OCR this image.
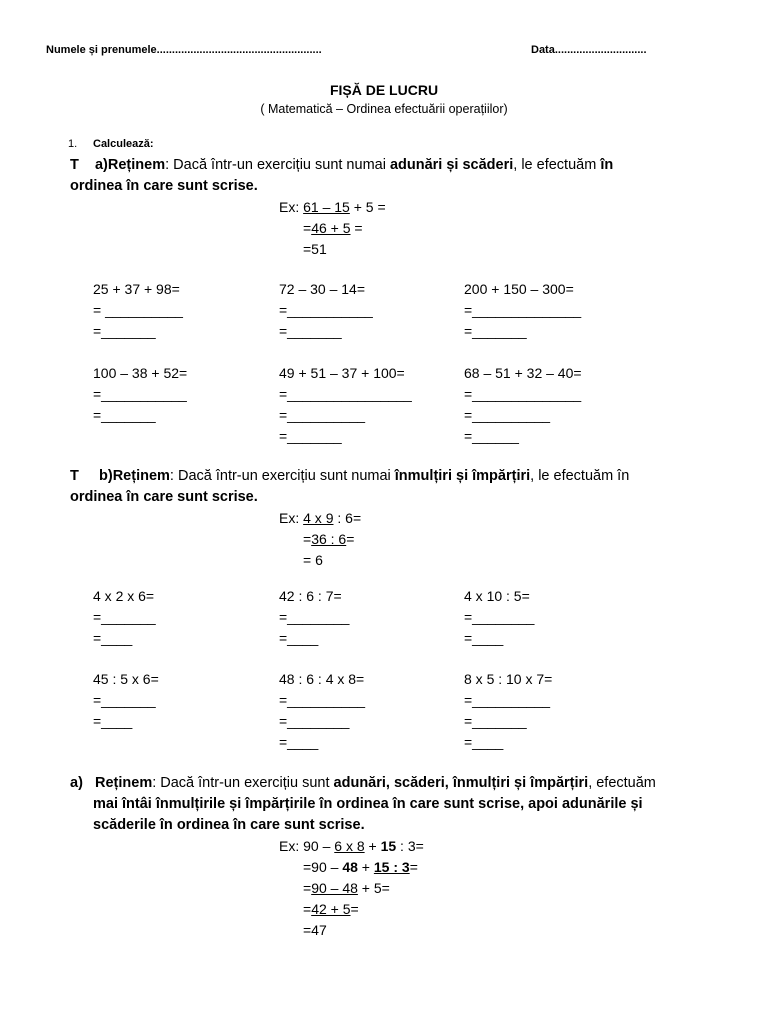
Numele și prenumele......................................................	Data..............................
FIȘĂ DE LUCRU
( Matematică – Ordinea efectuării operațiilor)
1. Calculează:
T a)Reținem: Dacă într-un exercițiu sunt numai adunări și scăderi, le efectuăm în
ordinea în care sunt scrise.
Ex: 61 – 15 + 5 =
=46 + 5 =
=51
25 + 37 + 98=
= __________
=_______
72 – 30 – 14=
=___________
=_______
200 + 150 – 300=
=______________
=_______
100 – 38 + 52=
=___________
=_______
49 + 51 – 37 + 100=
=________________
=__________
=_______
68 – 51 + 32 – 40=
=______________
=__________
=______
T b)Reținem: Dacă într-un exercițiu sunt numai înmulțiri și împărțiri, le efectuăm în
ordinea în care sunt scrise.
Ex: 4 x 9 : 6=
=36 : 6=
= 6
4 x 2 x 6=
=_______
=____
42 : 6 : 7=
=________
=____
4 x 10 : 5=
=________
=____
45 : 5 x 6=
=_______
=____
48 : 6 : 4 x 8=
=__________
=________
=____
8 x 5 : 10 x 7=
=__________
=_______
=____
a) Reținem: Dacă într-un exercițiu sunt adunări, scăderi, înmulțiri și împărțiri, efectuăm
mai întâi înmulțirile și împărțirile în ordinea în care sunt scrise, apoi adunările și
scăderile în ordinea în care sunt scrise.
Ex: 90 – 6 x 8 + 15 : 3=
=90 – 48 + 15 : 3=
=90 – 48 + 5=
=42 + 5=
=47
